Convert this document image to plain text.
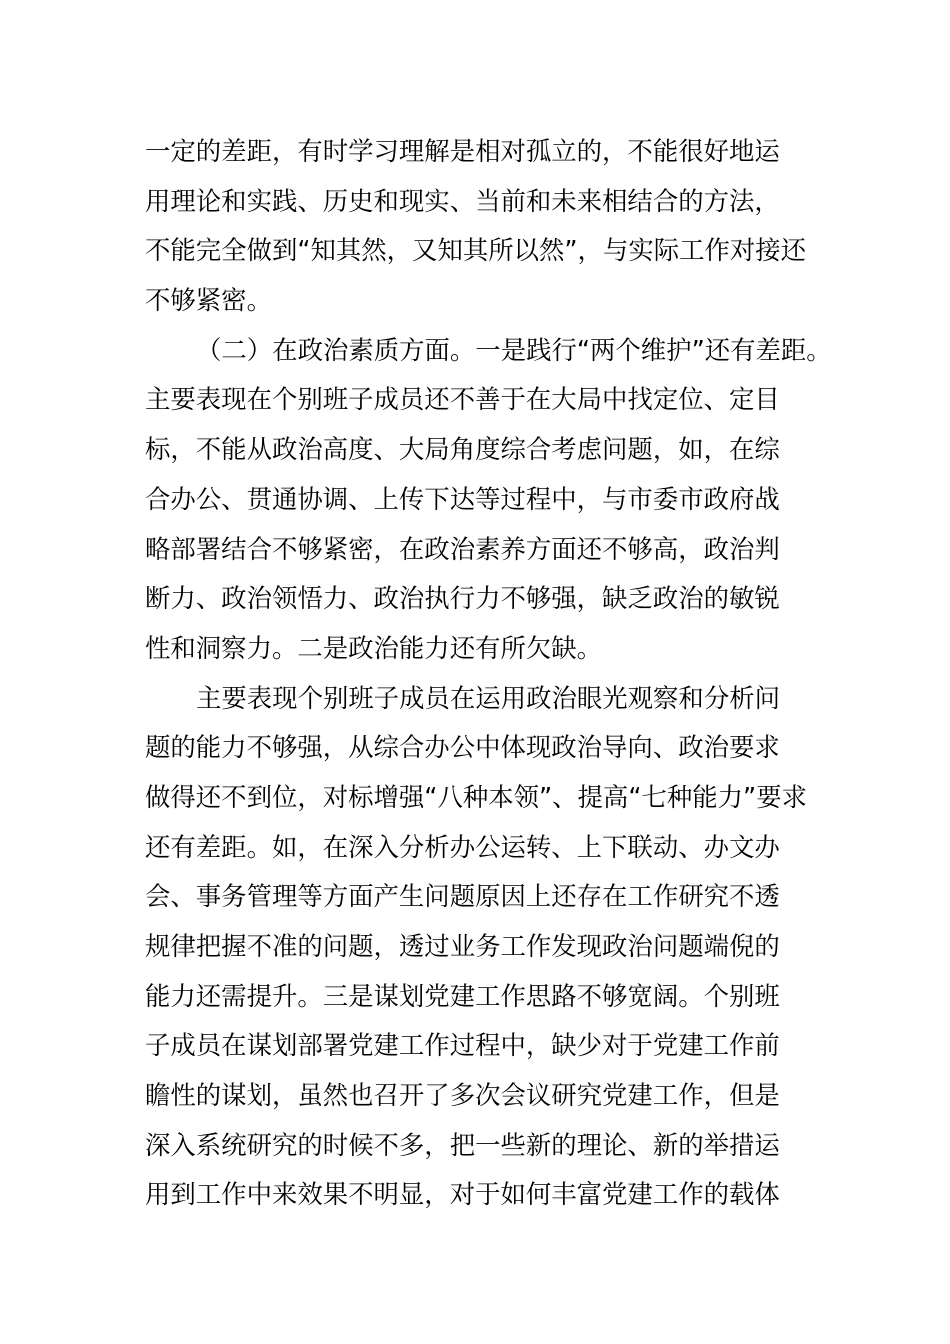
一定的差距，有时学习理解是相对孤立的，不能很好地运
用理论和实践、历史和现实、当前和未来相结合的方法，
不能完全做到“知其然，又知其所以然”，与实际工作对接还
不够紧密。
（二）在政治素质方面。一是践行“两个维护”还有差距。
主要表现在个别班子成员还不善于在大局中找定位、定目
标，不能从政治高度、大局角度综合考虑问题，如，在综
合办公、贯通协调、上传下达等过程中，与市委市政府战
略部署结合不够紧密，在政治素养方面还不够高，政治判
断力、政治领悟力、政治执行力不够强，缺乏政治的敏锐
性和洞察力。二是政治能力还有所欠缺。
主要表现个别班子成员在运用政治眼光观察和分析问
题的能力不够强，从综合办公中体现政治导向、政治要求
做得还不到位，对标增强“八种本领”、提高“七种能力”要求
还有差距。如，在深入分析办公运转、上下联动、办文办
会、事务管理等方面产生问题原因上还存在工作研究不透
规律把握不准的问题，透过业务工作发现政治问题端倪的
能力还需提升。三是谋划党建工作思路不够宽阔。个别班
子成员在谋划部署党建工作过程中，缺少对于党建工作前
瞻性的谋划，虽然也召开了多次会议研究党建工作，但是
深入系统研究的时候不多，把一些新的理论、新的举措运
用到工作中来效果不明显，对于如何丰富党建工作的载体
